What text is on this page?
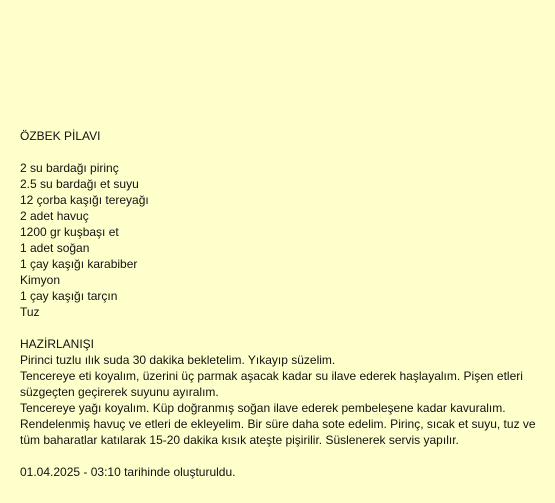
ÖZBEK PİLAVI
2 su bardağı pirinç
2.5 su bardağı et suyu
12 çorba kaşığı tereyağı
2 adet havuç
1200 gr kuşbaşı et
1 adet soğan
1 çay kaşığı karabiber
Kimyon
1 çay kaşığı tarçın
Tuz
HAZİRLANIŞI
Pirinci tuzlu ılık suda 30 dakika bekletelim. Yıkayıp süzelim.
Tencereye eti koyalım, üzerini üç parmak aşacak kadar su ilave ederek haşlayalım. Pişen etleri süzgeçten geçirerek suyunu ayıralım.
Tencereye yağı koyalım. Küp doğranmış soğan ilave ederek pembeleşene kadar kavuralım.
Rendelenmiş havuç ve etleri de ekleyelim. Bir süre daha sote edelim. Pirinç, sıcak et suyu, tuz ve tüm baharatlar katılarak 15-20 dakika kısık ateşte pişirilir. Süslenerek servis yapılır.
01.04.2025 - 03:10 tarihinde oluşturuldu.
